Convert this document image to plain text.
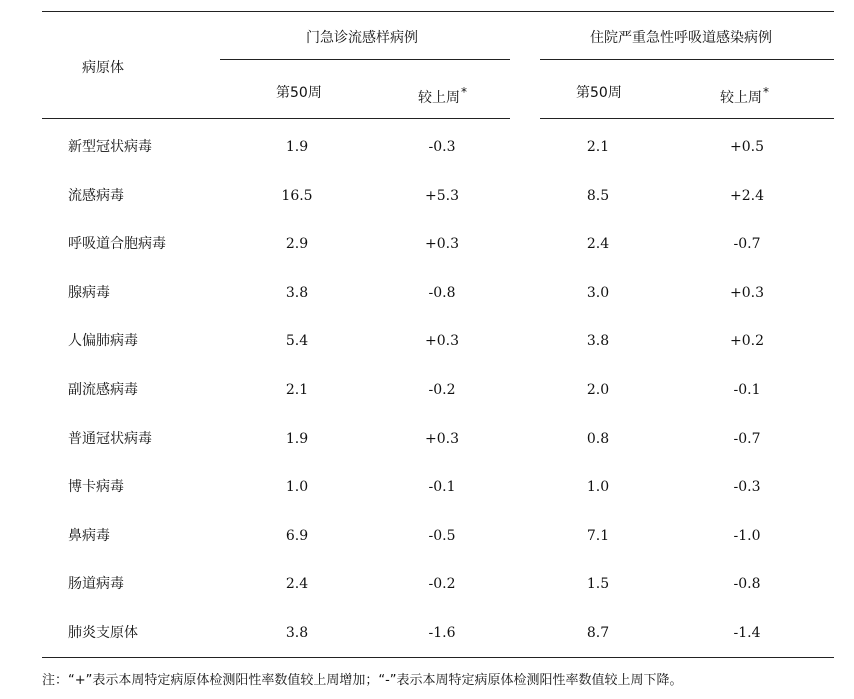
病原体
门急诊流感样病例	住院严重急性呼吸道感染病例
第50周	较上周*	第50周	较上周*
新型冠状病毒	1.9	-0.3	2.1	+0.5
流感病毒	16.5	+5.3	8.5	+2.4
呼吸道合胞病毒	2.9	+0.3	2.4	-0.7
腺病毒	3.8	-0.8	3.0	+0.3
人偏肺病毒	5.4	+0.3	3.8	+0.2
副流感病毒	2.1	-0.2	2.0	-0.1
普通冠状病毒	1.9	+0.3	0.8	-0.7
博卡病毒	1.0	-0.1	1.0	-0.3
鼻病毒	6.9	-0.5	7.1	-1.0
肠道病毒	2.4	-0.2	1.5	-0.8
肺炎支原体	3.8	-1.6	8.7	-1.4
注：“+”表示本周特定病原体检测阳性率数值较上周增加；“-”表示本周特定病原体检测阳性率数值较上周下降。
